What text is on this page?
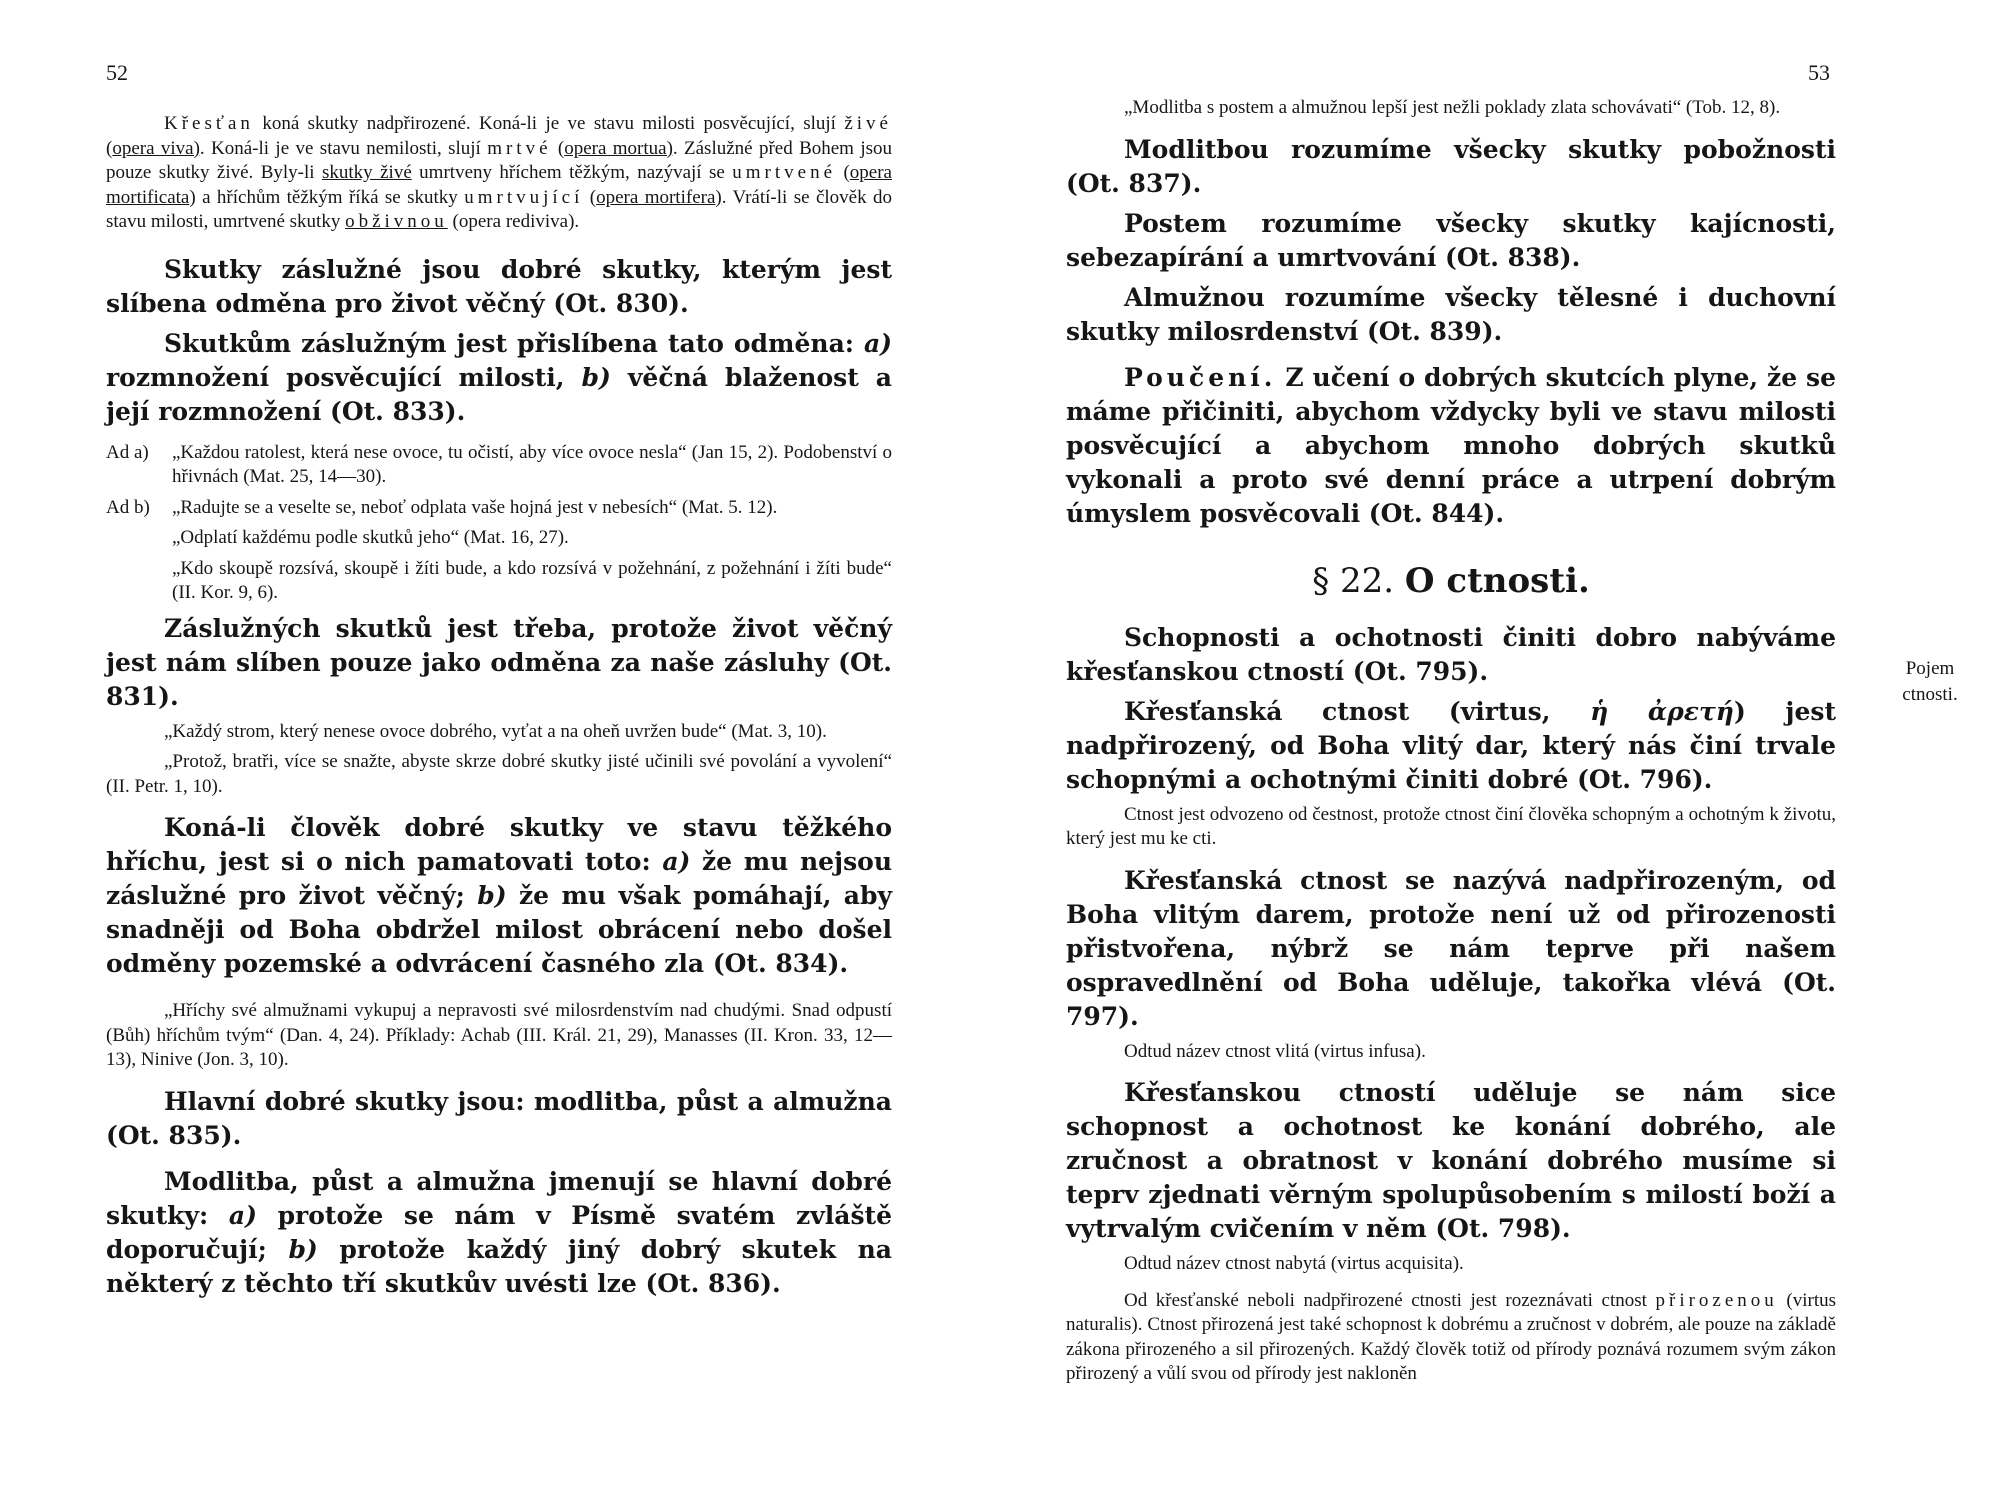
52

Křesťan koná skutky nadpřirozené. Koná-li je ve stavu milosti posvěcující, slují živé (opera viva). Koná-li je ve stavu nemilosti, slují mrtvé (opera mortua). Záslužné před Bohem jsou pouze skutky živé. Byly-li skutky živé umrtveny hříchem těžkým, nazývají se umrtvené (opera mortificata) a hříchům těžkým říká se skutky umrtvující (opera mortifera). Vrátí-li se člověk do stavu milosti, umrtvené skutky obživnou (opera rediviva).

Skutky záslužné jsou dobré skutky, kterým jest slíbena odměna pro život věčný (Ot. 830).

Skutkům záslužným jest přislíbena tato odměna: a) rozmnožení posvěcující milosti, b) věčná blaženost a její rozmnožení (Ot. 833).

Ad a)	„Každou ratolest, která nese ovoce, tu očistí, aby více ovoce nesla“ (Jan 15, 2). Podobenství o hřivnách (Mat. 25, 14—30).

Ad b)	„Radujte se a veselte se, neboť odplata vaše hojná jest v nebesích“ (Mat. 5. 12).

„Odplatí každému podle skutků jeho“ (Mat. 16, 27).

„Kdo skoupě rozsívá, skoupě i žíti bude, a kdo rozsívá v požehnání, z požehnání i žíti bude“ (II. Kor. 9, 6).

Záslužných skutků jest třeba, protože život věčný jest nám slíben pouze jako odměna za naše zásluhy (Ot. 831).

„Každý strom, který nenese ovoce dobrého, vyťat a na oheň uvržen bude“ (Mat. 3, 10).

„Protož, bratři, více se snažte, abyste skrze dobré skutky jisté učinili své povolání a vyvolení“ (II. Petr. 1, 10).

Koná-li člověk dobré skutky ve stavu těžkého hříchu, jest si o nich pamatovati toto: a) že mu nejsou záslužné pro život věčný; b) že mu však pomáhají, aby snadněji od Boha obdržel milost obrácení nebo došel odměny pozemské a odvrácení časného zla (Ot. 834).

„Hříchy své almužnami vykupuj a nepravosti své milosrdenstvím nad chudými. Snad odpustí (Bůh) hříchům tvým“ (Dan. 4, 24). Příklady: Achab (III. Král. 21, 29), Manasses (II. Kron. 33, 12—13), Ninive (Jon. 3, 10).

Hlavní dobré skutky jsou: modlitba, půst a almužna (Ot. 835).

Modlitba, půst a almužna jmenují se hlavní dobré skutky: a) protože se nám v Písmě svatém zvláště doporučují; b) protože každý jiný dobrý skutek na některý z těchto tří skutkův uvésti lze (Ot. 836).

53

„Modlitba s postem a almužnou lepší jest nežli poklady zlata schovávati“ (Tob. 12, 8).

Modlitbou rozumíme všecky skutky pobožnosti (Ot. 837).

Postem rozumíme všecky skutky kajícnosti, sebezapírání a umrtvování (Ot. 838).

Almužnou rozumíme všecky tělesné i duchovní skutky milosrdenství (Ot. 839).

Poučení. Z učení o dobrých skutcích plyne, že se máme přičiniti, abychom vždycky byli ve stavu milosti posvěcující a abychom mnoho dobrých skutků vykonali a proto své denní práce a utrpení dobrým úmyslem posvěcovali (Ot. 844).

§ 22. O ctnosti.

Schopnosti a ochotnosti činiti dobro nabýváme křesťanskou ctností (Ot. 795).

Křesťanská ctnost (virtus, ἡ ἀρετή) jest nadpřirozený, od Boha vlitý dar, který nás činí trvale schopnými a ochotnými činiti dobré (Ot. 796).

Ctnost jest odvozeno od čestnost, protože ctnost činí člověka schopným a ochotným k životu, který jest mu ke cti.

Křesťanská ctnost se nazývá nadpřirozeným, od Boha vlitým darem, protože není už od přirozenosti přistvořena, nýbrž se nám teprve při našem ospravedlnění od Boha uděluje, takořka vlévá (Ot. 797).

Odtud název ctnost vlitá (virtus infusa).

Křesťanskou ctností uděluje se nám sice schopnost a ochotnost ke konání dobrého, ale zručnost a obratnost v konání dobrého musíme si teprv zjednati věrným spolupůsobením s milostí boží a vytrvalým cvičením v něm (Ot. 798).

Odtud název ctnost nabytá (virtus acquisita).

Od křesťanské neboli nadpřirozené ctnosti jest rozeznávati ctnost přirozenou (virtus naturalis). Ctnost přirozená jest také schopnost k dobrému a zručnost v dobrém, ale pouze na základě zákona přirozeného a sil přirozených. Každý člověk totiž od přírody poznává rozumem svým zákon přirozený a vůlí svou od přírody jest nakloněn

Pojem ctnosti.
